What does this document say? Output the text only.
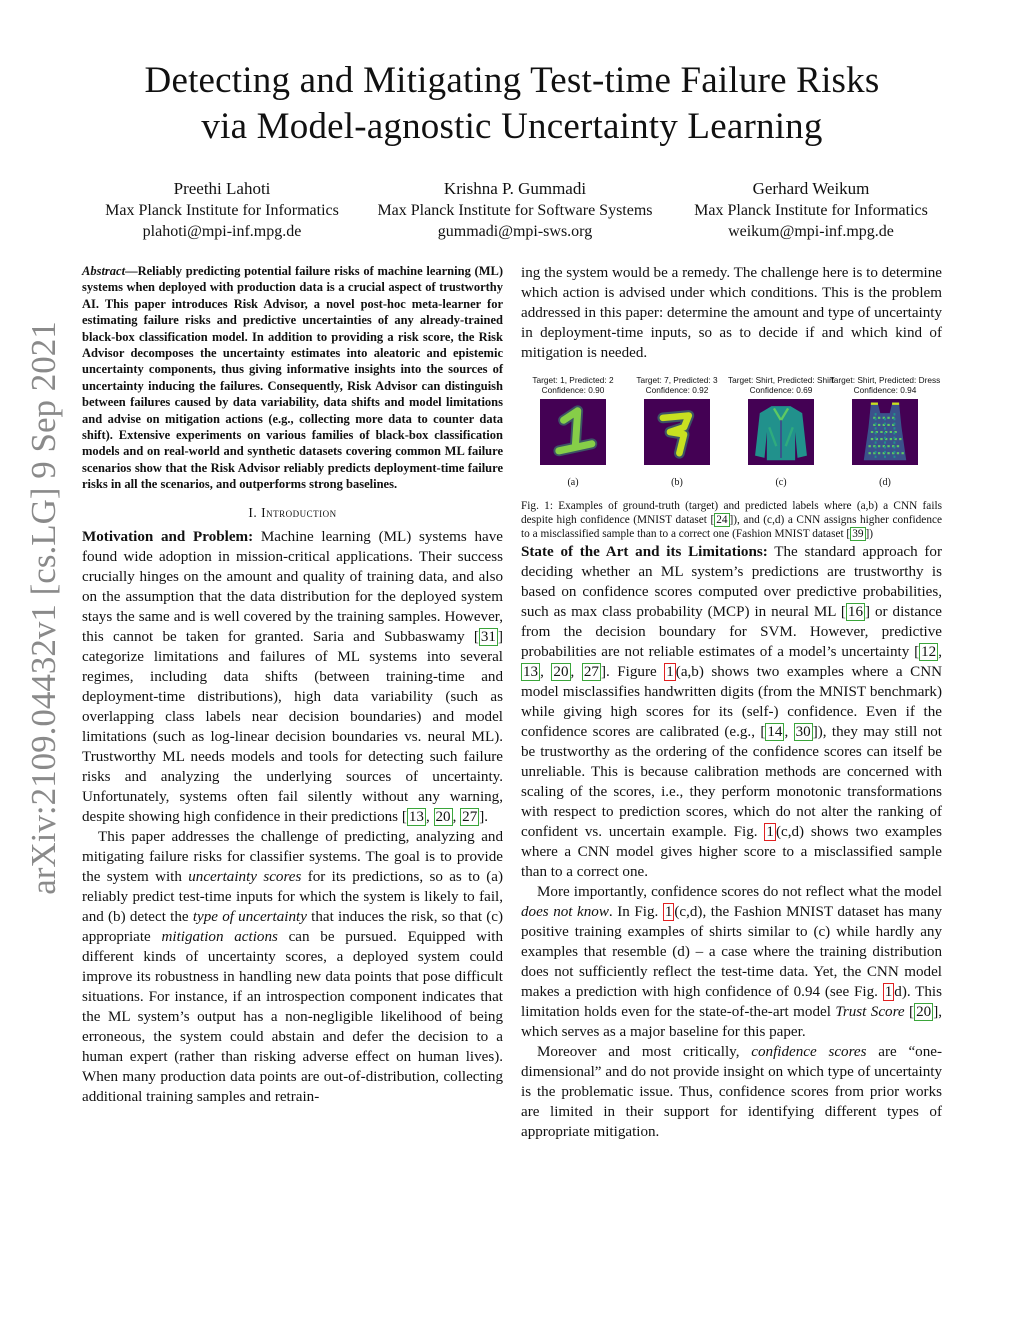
Detecting and Mitigating Test-time Failure Risks
via Model-agnostic Uncertainty Learning
Preethi Lahoti
Max Planck Institute for Informatics
plahoti@mpi-inf.mpg.de
Krishna P. Gummadi
Max Planck Institute for Software Systems
gummadi@mpi-sws.org
Gerhard Weikum
Max Planck Institute for Informatics
weikum@mpi-inf.mpg.de
arXiv:2109.04432v1 [cs.LG] 9 Sep 2021

Abstract—Reliably predicting potential failure risks of machine learning (ML) systems when deployed with production data is a crucial aspect of trustworthy AI. This paper introduces Risk Advisor, a novel post-hoc meta-learner for estimating failure risks and predictive uncertainties of any already-trained black-box classification model. In addition to providing a risk score, the Risk Advisor decomposes the uncertainty estimates into aleatoric and epistemic uncertainty components, thus giving informative insights into the sources of uncertainty inducing the failures. Consequently, Risk Advisor can distinguish between failures caused by data variability, data shifts and model limitations and advise on mitigation actions (e.g., collecting more data to counter data shift). Extensive experiments on various families of black-box classification models and on real-world and synthetic datasets covering common ML failure scenarios show that the Risk Advisor reliably predicts deployment-time failure risks in all the scenarios, and outperforms strong baselines.

I. Introduction

Motivation and Problem: Machine learning (ML) systems have found wide adoption in mission-critical applications. Their success crucially hinges on the amount and quality of training data, and also on the assumption that the data distribution for the deployed system stays the same and is well covered by the training samples. However, this cannot be taken for granted. Saria and Subbaswamy [ 31 ] categorize limitations and failures of ML systems into several regimes, including data shifts (between training-time and deployment-time distributions), high data variability (such as overlapping class labels near decision boundaries) and model limitations (such as log-linear decision boundaries vs. neural ML). Trustworthy ML needs models and tools for detecting such failure risks and analyzing the underlying sources of uncertainty. Unfortunately, systems often fail silently without any warning, despite showing high confidence in their predictions [ 13 , 20 , 27 ].

This paper addresses the challenge of predicting, analyzing and mitigating failure risks for classifier systems. The goal is to provide the system with uncertainty scores for its predictions, so as to (a) reliably predict test-time inputs for which the system is likely to fail, and (b) detect the type of uncertainty that induces the risk, so that (c) appropriate mitigation actions can be pursued. Equipped with different kinds of uncertainty scores, a deployed system could improve its robustness in handling new data points that pose difficult situations. For instance, if an introspection component indicates that the ML system’s output has a non-negligible likelihood of being erroneous, the system could abstain and defer the decision to a human expert (rather than risking adverse effect on human lives). When many production data points are out-of-distribution, collecting additional training samples and retrain-

ing the system would be a remedy. The challenge here is to determine which action is advised under which conditions. This is the problem addressed in this paper: determine the amount and type of uncertainty in deployment-time inputs, so as to decide if and which kind of mitigation is needed.

Target: 1, Predicted: 2
Confidence: 0.90
(a)
Target: 7, Predicted: 3
Confidence: 0.92
(b)
Target: Shirt, Predicted: Shirt
Confidence: 0.69
(c)
Target: Shirt, Predicted: Dress
Confidence: 0.94
(d)

Fig. 1: Examples of ground-truth (target) and predicted labels where (a,b) a CNN fails despite high confidence (MNIST dataset [ 24 ]), and (c,d) a CNN assigns higher confidence to a misclassified sample than to a correct one (Fashion MNIST dataset [ 39 ])

State of the Art and its Limitations: The standard approach for deciding whether an ML system’s predictions are trustworthy is based on confidence scores computed over predictive probabilities, such as max class probability (MCP) in neural ML [ 16 ] or distance from the decision boundary for SVM. However, predictive probabilities are not reliable estimates of a model’s uncertainty [ 12 , 13 , 20 , 27 ]. Figure 1 (a,b) shows two examples where a CNN model misclassifies handwritten digits (from the MNIST benchmark) while giving high scores for its (self-) confidence. Even if the confidence scores are calibrated (e.g., [ 14 , 30 ]), they may still not be trustworthy as the ordering of the confidence scores can itself be unreliable. This is because calibration methods are concerned with scaling of the scores, i.e., they perform monotonic transformations with respect to prediction scores, which do not alter the ranking of confident vs. uncertain example. Fig. 1 (c,d) shows two examples where a CNN model gives higher score to a misclassified sample than to a correct one.

More importantly, confidence scores do not reflect what the model does not know. In Fig. 1 (c,d), the Fashion MNIST dataset has many positive training examples of shirts similar to (c) while hardly any examples that resemble (d) – a case where the training distribution does not sufficiently reflect the test-time data. Yet, the CNN model makes a prediction with high confidence of 0.94 (see Fig. 1 d). This limitation holds even for the state-of-the-art model Trust Score [ 20 ], which serves as a major baseline for this paper.

Moreover and most critically, confidence scores are “one-dimensional” and do not provide insight on which type of uncertainty is the problematic issue. Thus, confidence scores from prior works are limited in their support for identifying different types of appropriate mitigation.
